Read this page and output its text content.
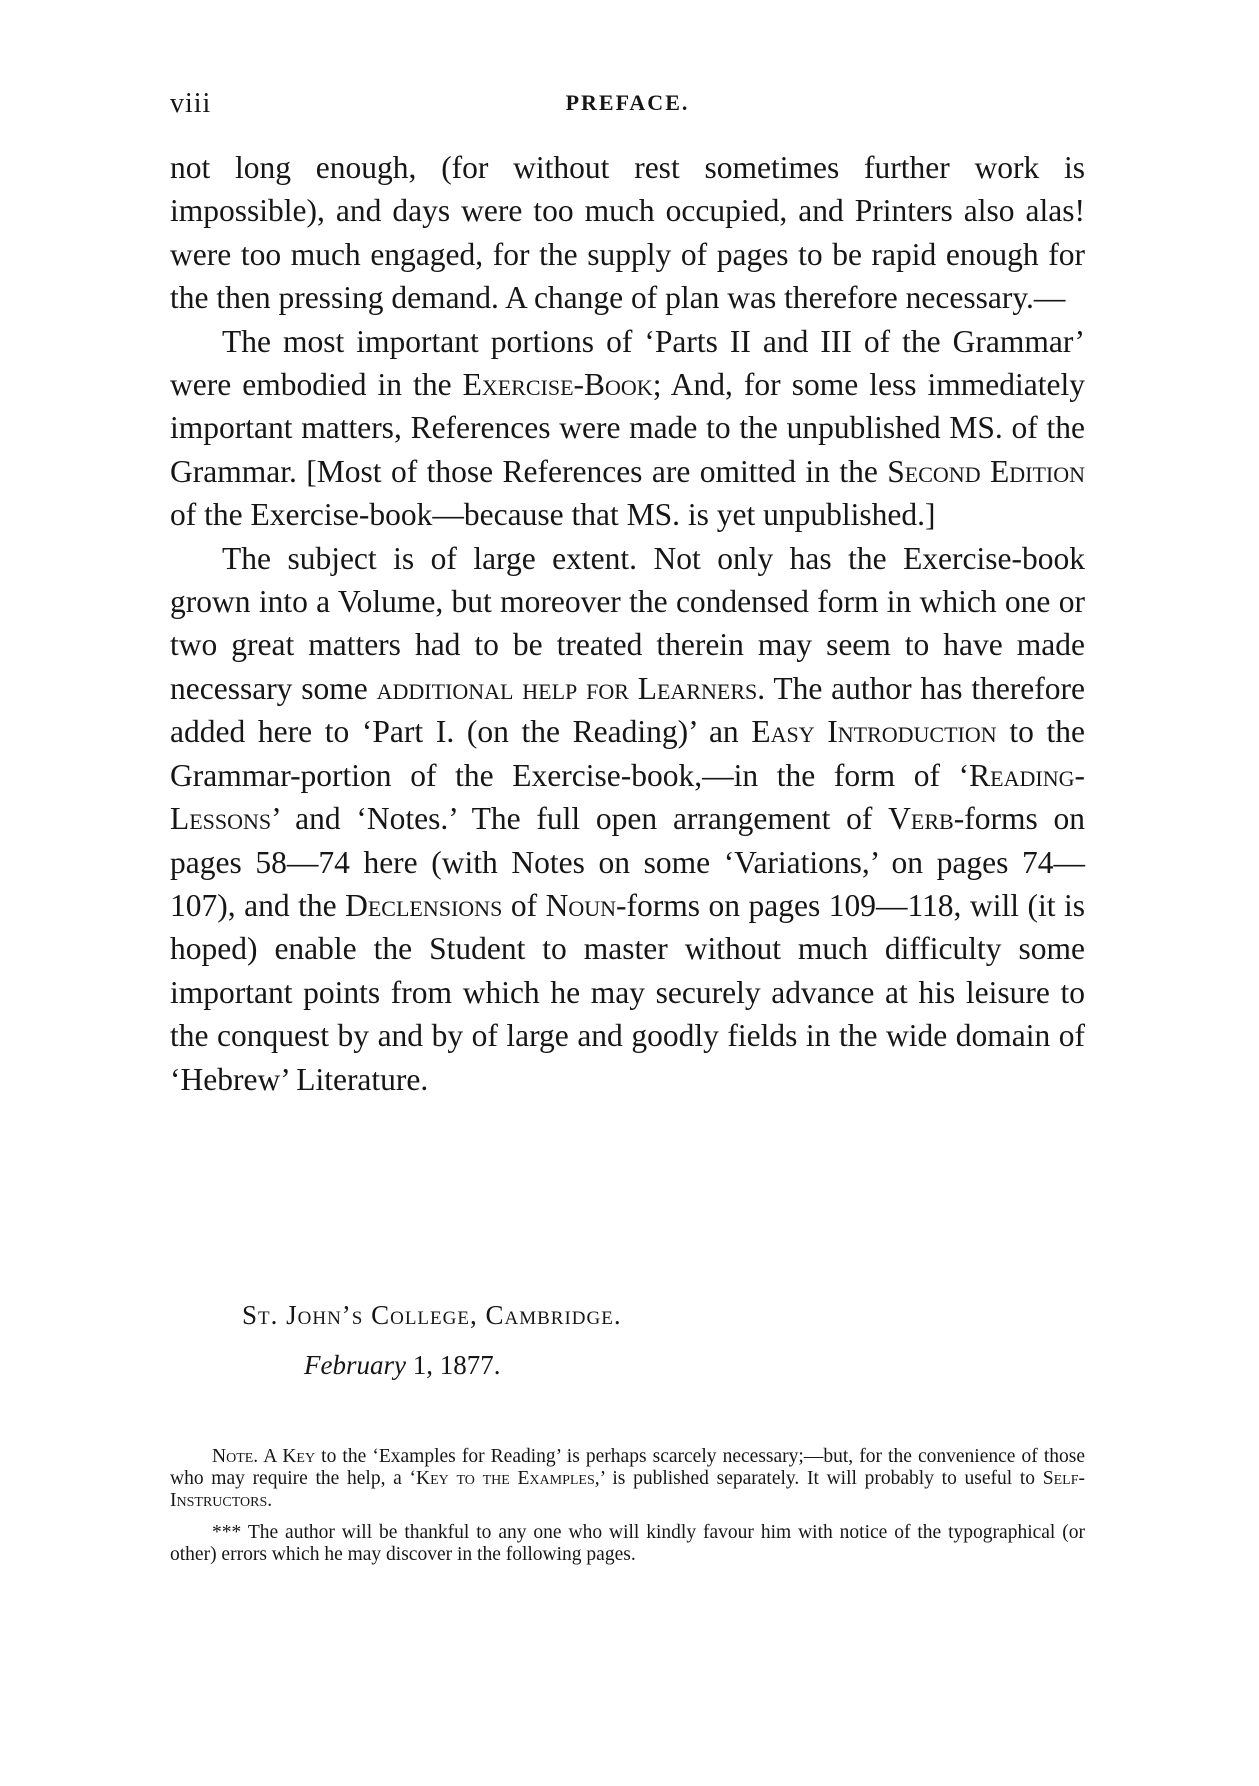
viii	PREFACE.

not long enough, (for without rest sometimes further work is impossible), and days were too much occupied, and Printers also alas! were too much engaged, for the supply of pages to be rapid enough for the then pressing demand. A change of plan was therefore necessary.—

The most important portions of ‘Parts II and III of the Grammar’ were embodied in the Exercise-Book; And, for some less immediately important matters, References were made to the unpublished MS. of the Grammar. [Most of those References are omitted in the Second Edition of the Exercise-book—because that MS. is yet unpublished.]

The subject is of large extent. Not only has the Exercise-book grown into a Volume, but moreover the condensed form in which one or two great matters had to be treated therein may seem to have made necessary some additional help for Learners. The author has therefore added here to ‘Part I. (on the Reading)’ an Easy Introduction to the Grammar-portion of the Exercise-book,—in the form of ‘Reading-Lessons’ and ‘Notes.’ The full open arrangement of Verb-forms on pages 58—74 here (with Notes on some ‘Variations,’ on pages 74—107), and the Declensions of Noun-forms on pages 109—118, will (it is hoped) enable the Student to master without much difficulty some important points from which he may securely advance at his leisure to the conquest by and by of large and goodly fields in the wide domain of ‘Hebrew’ Literature.

St. John’s College, Cambridge.
February 1, 1877.

Note. A Key to the ‘Examples for Reading’ is perhaps scarcely necessary;—but, for the convenience of those who may require the help, a ‘Key to the Examples,’ is published separately. It will probably to useful to Self-Instructors.

*** The author will be thankful to any one who will kindly favour him with notice of the typographical (or other) errors which he may discover in the following pages.
